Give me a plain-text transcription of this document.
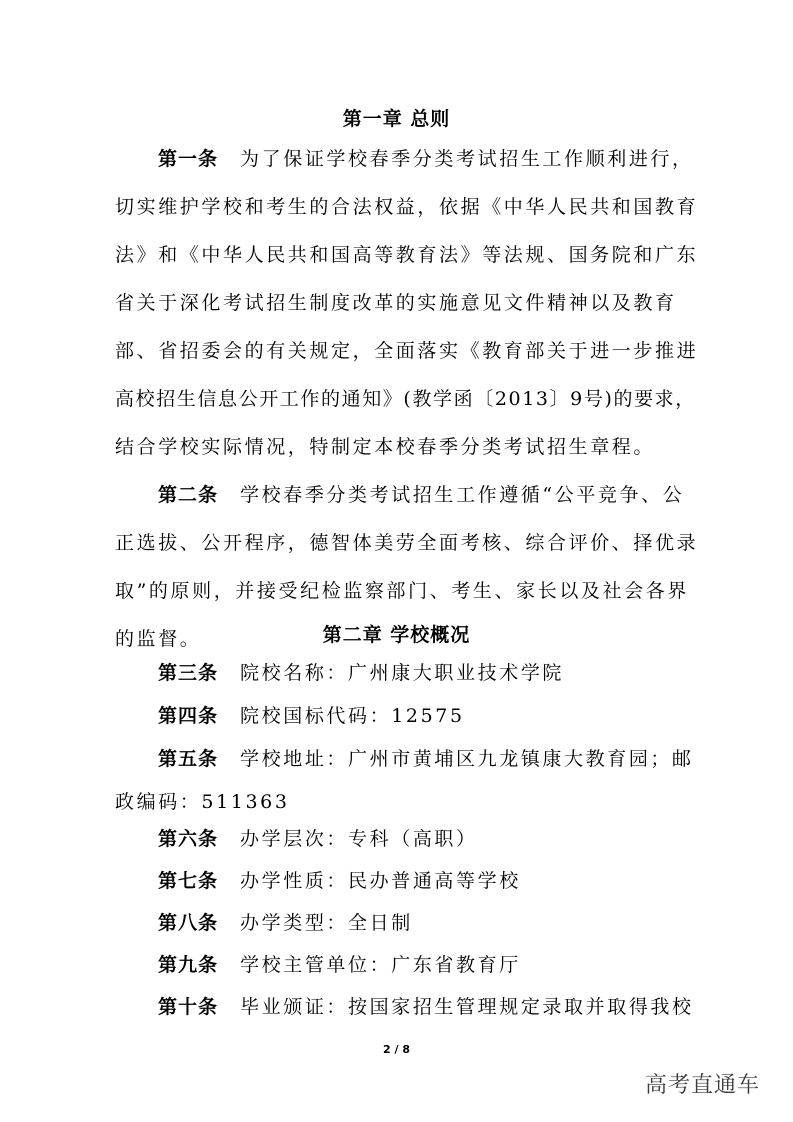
第一章 总则
第一条 为了保证学校春季分类考试招生工作顺利进行，
切实维护学校和考生的合法权益，依据《中华人民共和国教育
法》和《中华人民共和国高等教育法》等法规、国务院和广东
省关于深化考试招生制度改革的实施意见文件精神以及教育
部、省招委会的有关规定，全面落实《教育部关于进一步推进
高校招生信息公开工作的通知》(教学函〔2013〕9号)的要求，
结合学校实际情况，特制定本校春季分类考试招生章程。
第二条 学校春季分类考试招生工作遵循“公平竞争、公
正选拔、公开程序，德智体美劳全面考核、综合评价、择优录
取”的原则，并接受纪检监察部门、考生、家长以及社会各界
的监督。	第二章 学校概况
第三条 院校名称：广州康大职业技术学院
第四条 院校国标代码：12575
第五条 学校地址：广州市黄埔区九龙镇康大教育园；邮
政编码：511363
第六条 办学层次：专科（高职）
第七条 办学性质：民办普通高等学校
第八条 办学类型：全日制
第九条 学校主管单位：广东省教育厅
第十条 毕业颁证：按国家招生管理规定录取并取得我校
2 / 8
高考直通车
